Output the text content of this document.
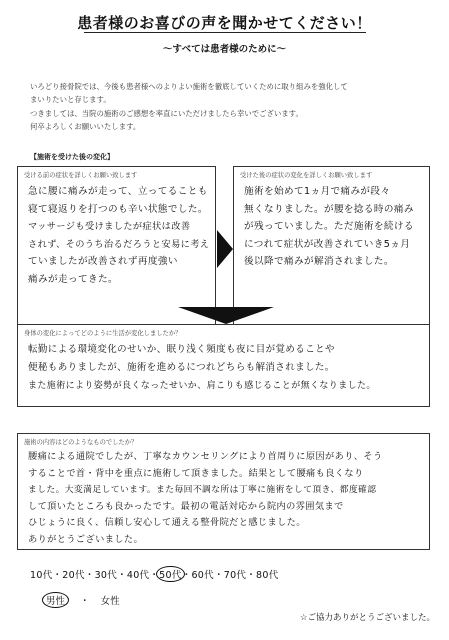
患者様のお喜びの声を聞かせてください！
～すべては患者様のために～
いろどり接骨院では、今後も患者様へのよりよい施術を徹底していくために取り組みを強化して
まいりたいと存じます。
つきましては、当院の施術のご感想を率直にいただけましたら幸いでございます。
何卒よろしくお願いいたします。
【施術を受けた後の変化】
受ける前の症状を詳しくお願い致します
急に腰に痛みが走って、立ってることも
寝て寝返りを打つのも辛い状態でした。
マッサージも受けましたが症状は改善
されず、そのうち治るだろうと安易に考え
ていましたが改善されず再度強い
痛みが走ってきた。
受けた後の症状の変化を詳しくお願い致します
施術を始めて1ヵ月で痛みが段々
無くなりました。が腰を捻る時の痛み
が残っていました。ただ施術を続ける
につれて症状が改善されていき5ヵ月
後以降で痛みが解消されました。
身体の変化によってどのように生活が変化しましたか？
転勤による環境変化のせいか、眠り浅く頻度も夜に目が覚めることや
便秘もありましたが、施術を進めるにつれどちらも解消されました。
また施術により姿勢が良くなったせいか、肩こりも感じることが無くなりました。
施術の内容はどのようなものでしたか？
腰痛による通院でしたが、丁寧なカウンセリングにより首周りに原因があり、そう
することで首・背中を重点に施術して頂きました。結果として腰痛も良くなり
ました。大変満足しています。また毎回不調な所は丁寧に施術をして頂き、都度確認
して頂いたところも良かったです。最初の電話対応から院内の雰囲気まで
ひじょうに良く、信頼し安心して通える整骨院だと感じました。
ありがとうございました。
10代・20代・30代・40代・50代・60代・70代・80代
男性 ・ 女性
☆ご協力ありがとうございました。
